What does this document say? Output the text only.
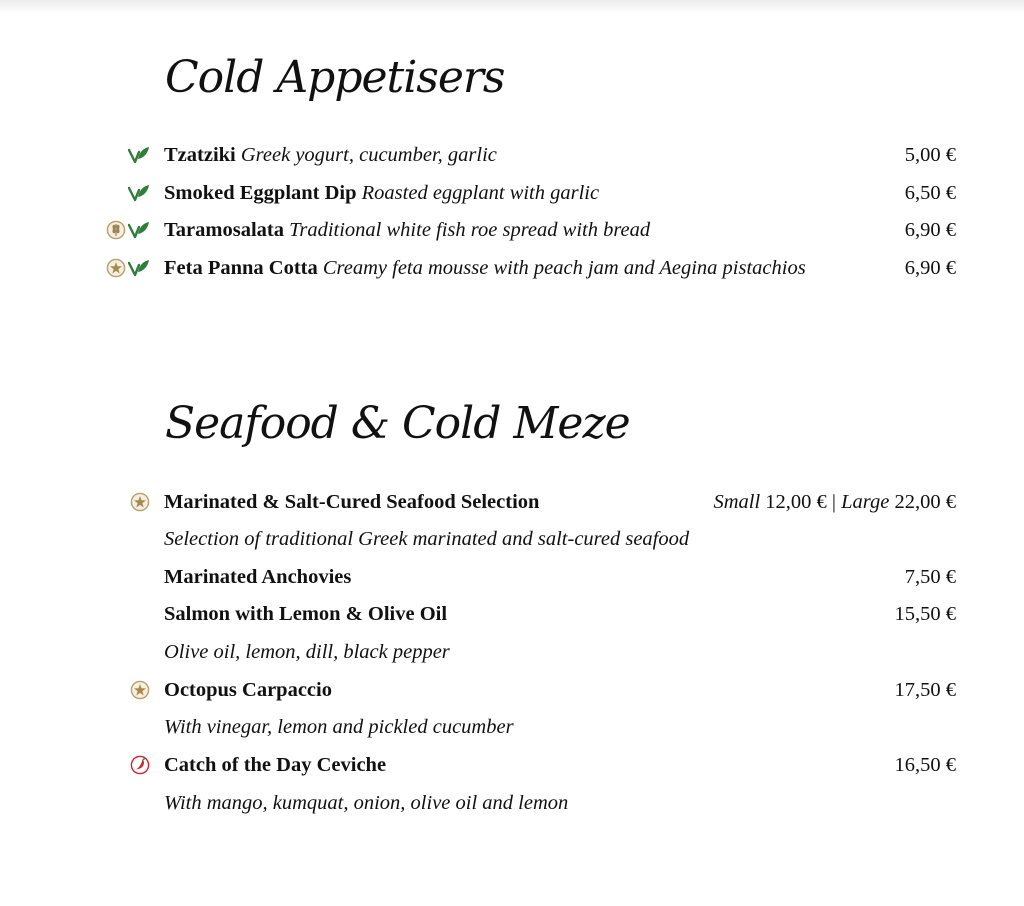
Cold Appetisers
Tzatziki Greek yogurt, cucumber, garlic	5,00 €
Smoked Eggplant Dip Roasted eggplant with garlic	6,50 €
Taramosalata Traditional white fish roe spread with bread	6,90 €
Feta Panna Cotta Creamy feta mousse with peach jam and Aegina pistachios	6,90 €
Seafood & Cold Meze
Marinated & Salt-Cured Seafood Selection	Small 12,00 € | Large 22,00 €
Selection of traditional Greek marinated and salt-cured seafood
Marinated Anchovies	7,50 €
Salmon with Lemon & Olive Oil	15,50 €
Olive oil, lemon, dill, black pepper
Octopus Carpaccio	17,50 €
With vinegar, lemon and pickled cucumber
Catch of the Day Ceviche	16,50 €
With mango, kumquat, onion, olive oil and lemon
